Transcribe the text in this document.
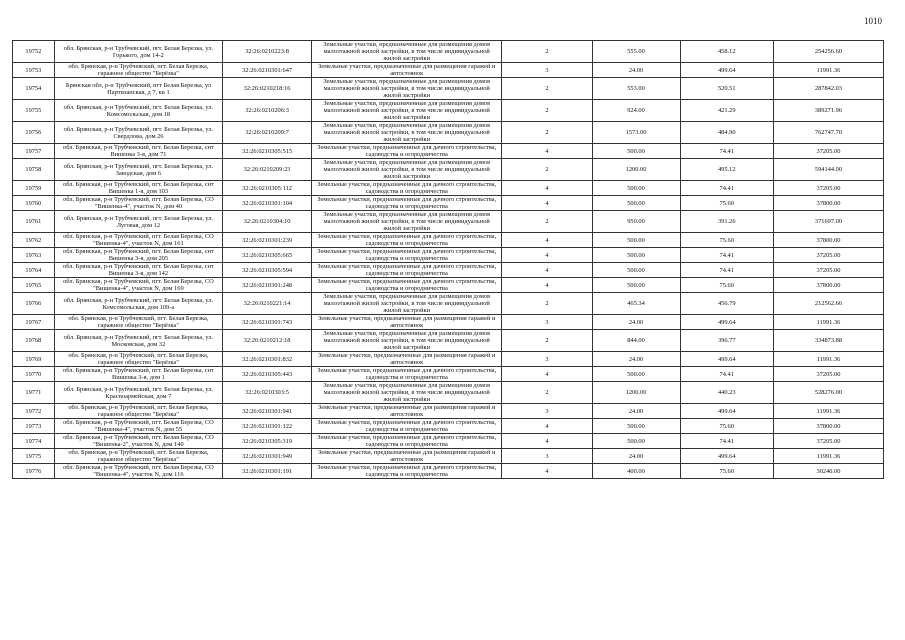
1010
19752	обл. Брянская, р-н Трубчевский, пгт. Белая Березка, ул. Горького, дом 14-2	32:26:0210223:8	Земельные участки, предназначенные для размещения домов малоэтажной жилой застройки, в том числе индивидуальной жилой застройки	2	555.00	458.12	254256.60
19753	обл. Брянская, р-н Трубчевский, пгт. Белая Березка, гаражное общество "Берёзка"	32:26:0210301:647	Земельные участки, предназначенные для размещения гаражей и автостоянок	3	24.00	499.64	11991.36
19754	Брянская обл, р-н Трубчевский, пгт Белая Березка, ул Партизанская, д 7, кв 1	32:26:0210218:16	Земельные участки, предназначенные для размещения домов малоэтажной жилой застройки, в том числе индивидуальной жилой застройки	2	553.00	520.51	287842.03
19755	обл. Брянская, р-н Трубчевский, пгт. Белая Березка, ул. Комсомольская, дом 18	32:26:0210206:3	Земельные участки, предназначенные для размещения домов малоэтажной жилой застройки, в том числе индивидуальной жилой застройки	2	924.00	421.29	389271.96
19756	обл. Брянская, р-н Трубчевский, пгт. Белая Березка, ул. Свердлова, дом 26	32:26:0210209:7	Земельные участки, предназначенные для размещения домов малоэтажной жилой застройки, в том числе индивидуальной жилой застройки	2	1573.00	484.90	762747.70
19757	обл. Брянская, р-н Трубчевский, пгт. Белая Березка, снт Вишенка 3-я, дом 71	32:26:0210305:515	Земельные участки, предназначенные для дачного строительства, садоводства и огородничества	4	500.00	74.41	37205.00
19758	обл. Брянская, р-н Трубчевский, пгт. Белая Березка, ул. Заводская, дом 6	32:26:0210209:23	Земельные участки, предназначенные для размещения домов малоэтажной жилой застройки, в том числе индивидуальной жилой застройки	2	1200.00	495.12	594144.00
19759	обл. Брянская, р-н Трубчевский, пгт. Белая Березка, снт Вишенка 1-я, дом 103	32:26:0210305:112	Земельные участки, предназначенные для дачного строительства, садоводства и огородничества	4	500.00	74.41	37205.00
19760	обл. Брянская, р-н Трубчевский, пгт. Белая Березка, СО "Вишенка-4", участок N, дом 40	32:26:0210301:104	Земельные участки, предназначенные для дачного строительства, садоводства и огородничества	4	500.00	75.60	37800.00
19761	обл. Брянская, р-н Трубчевский, пгт. Белая Березка, ул. Луговая, дом 12	32:26:0210304:10	Земельные участки, предназначенные для размещения домов малоэтажной жилой застройки, в том числе индивидуальной жилой застройки	2	950.00	391.26	371697.00
19762	обл. Брянская, р-н Трубчевский, пгт. Белая Березка, СО "Вишенка-4", участок N, дом 161	32:26:0210301:239	Земельные участки, предназначенные для дачного строительства, садоводства и огородничества	4	500.00	75.60	37800.00
19763	обл. Брянская, р-н Трубчевский, пгт. Белая Березка, снт Вишенка 3-я, дом 205	32:26:0210305:665	Земельные участки, предназначенные для дачного строительства, садоводства и огородничества	4	500.00	74.41	37205.00
19764	обл. Брянская, р-н Трубчевский, пгт. Белая Березка, снт Вишенка 3-я, дом 142	32:26:0210305:594	Земельные участки, предназначенные для дачного строительства, садоводства и огородничества	4	500.00	74.41	37205.00
19765	обл. Брянская, р-н Трубчевский, пгт. Белая Березка, СО "Вишенка-4", участок N, дом 169	32:26:0210301:248	Земельные участки, предназначенные для дачного строительства, садоводства и огородничества	4	500.00	75.60	37800.00
19766	обл. Брянская, р-н Трубчевский, пгт. Белая Березка, ул. Комсомольская, дом 109-а	32:26:0210221:14	Земельные участки, предназначенные для размещения домов малоэтажной жилой застройки, в том числе индивидуальной жилой застройки	2	465.34	456.79	212562.66
19767	обл. Брянская, р-н Трубчевский, пгт. Белая Березка, гаражное общество "Берёзка"	32:26:0210301:743	Земельные участки, предназначенные для размещения гаражей и автостоянок	3	24.00	499.64	11991.36
19768	обл. Брянская, р-н Трубчевский, пгт. Белая Березка, ул. Московская, дом 32	32:26:0210212:18	Земельные участки, предназначенные для размещения домов малоэтажной жилой застройки, в том числе индивидуальной жилой застройки	2	844.00	396.77	334873.88
19769	обл. Брянская, р-н Трубчевский, пгт. Белая Березка, гаражное общество "Берёзка"	32:26:0210301:832	Земельные участки, предназначенные для размещения гаражей и автостоянок	3	24.00	499.64	11991.36
19770	обл. Брянская, р-н Трубчевский, пгт. Белая Березка, снт Вишенка 3-я, дом 1	32:26:0210305:443	Земельные участки, предназначенные для дачного строительства, садоводства и огородничества	4	500.00	74.41	37205.00
19771	обл. Брянская, р-н Трубчевский, пгт. Белая Березка, ул. Красноармейская, дом 7	32:26:0210303:5	Земельные участки, предназначенные для размещения домов малоэтажной жилой застройки, в том числе индивидуальной жилой застройки	2	1200.00	440.23	528276.00
19772	обл. Брянская, р-н Трубчевский, пгт. Белая Березка, гаражное общество "Берёзка"	32:26:0210301:941	Земельные участки, предназначенные для размещения гаражей и автостоянок	3	24.00	499.64	11991.36
19773	обл. Брянская, р-н Трубчевский, пгт. Белая Березка, СО "Вишенка-4", участок N, дом 55	32:26:0210301:122	Земельные участки, предназначенные для дачного строительства, садоводства и огородничества	4	500.00	75.60	37800.00
19774	обл. Брянская, р-н Трубчевский, пгт. Белая Березка, СО "Вишенка-2", участок N, дом 140	32:26:0210305:319	Земельные участки, предназначенные для дачного строительства, садоводства и огородничества	4	500.00	74.41	37205.00
19775	обл. Брянская, р-н Трубчевский, пгт. Белая Березка, гаражное общество "Берёзка"	32:26:0210301:949	Земельные участки, предназначенные для размещения гаражей и автостоянок	3	24.00	499.64	11991.36
19776	обл. Брянская, р-н Трубчевский, пгт. Белая Березка, СО "Вишенка-4", участок N, дом 116	32:26:0210301:191	Земельные участки, предназначенные для дачного строительства, садоводства и огородничества	4	400.00	75.60	30240.00
